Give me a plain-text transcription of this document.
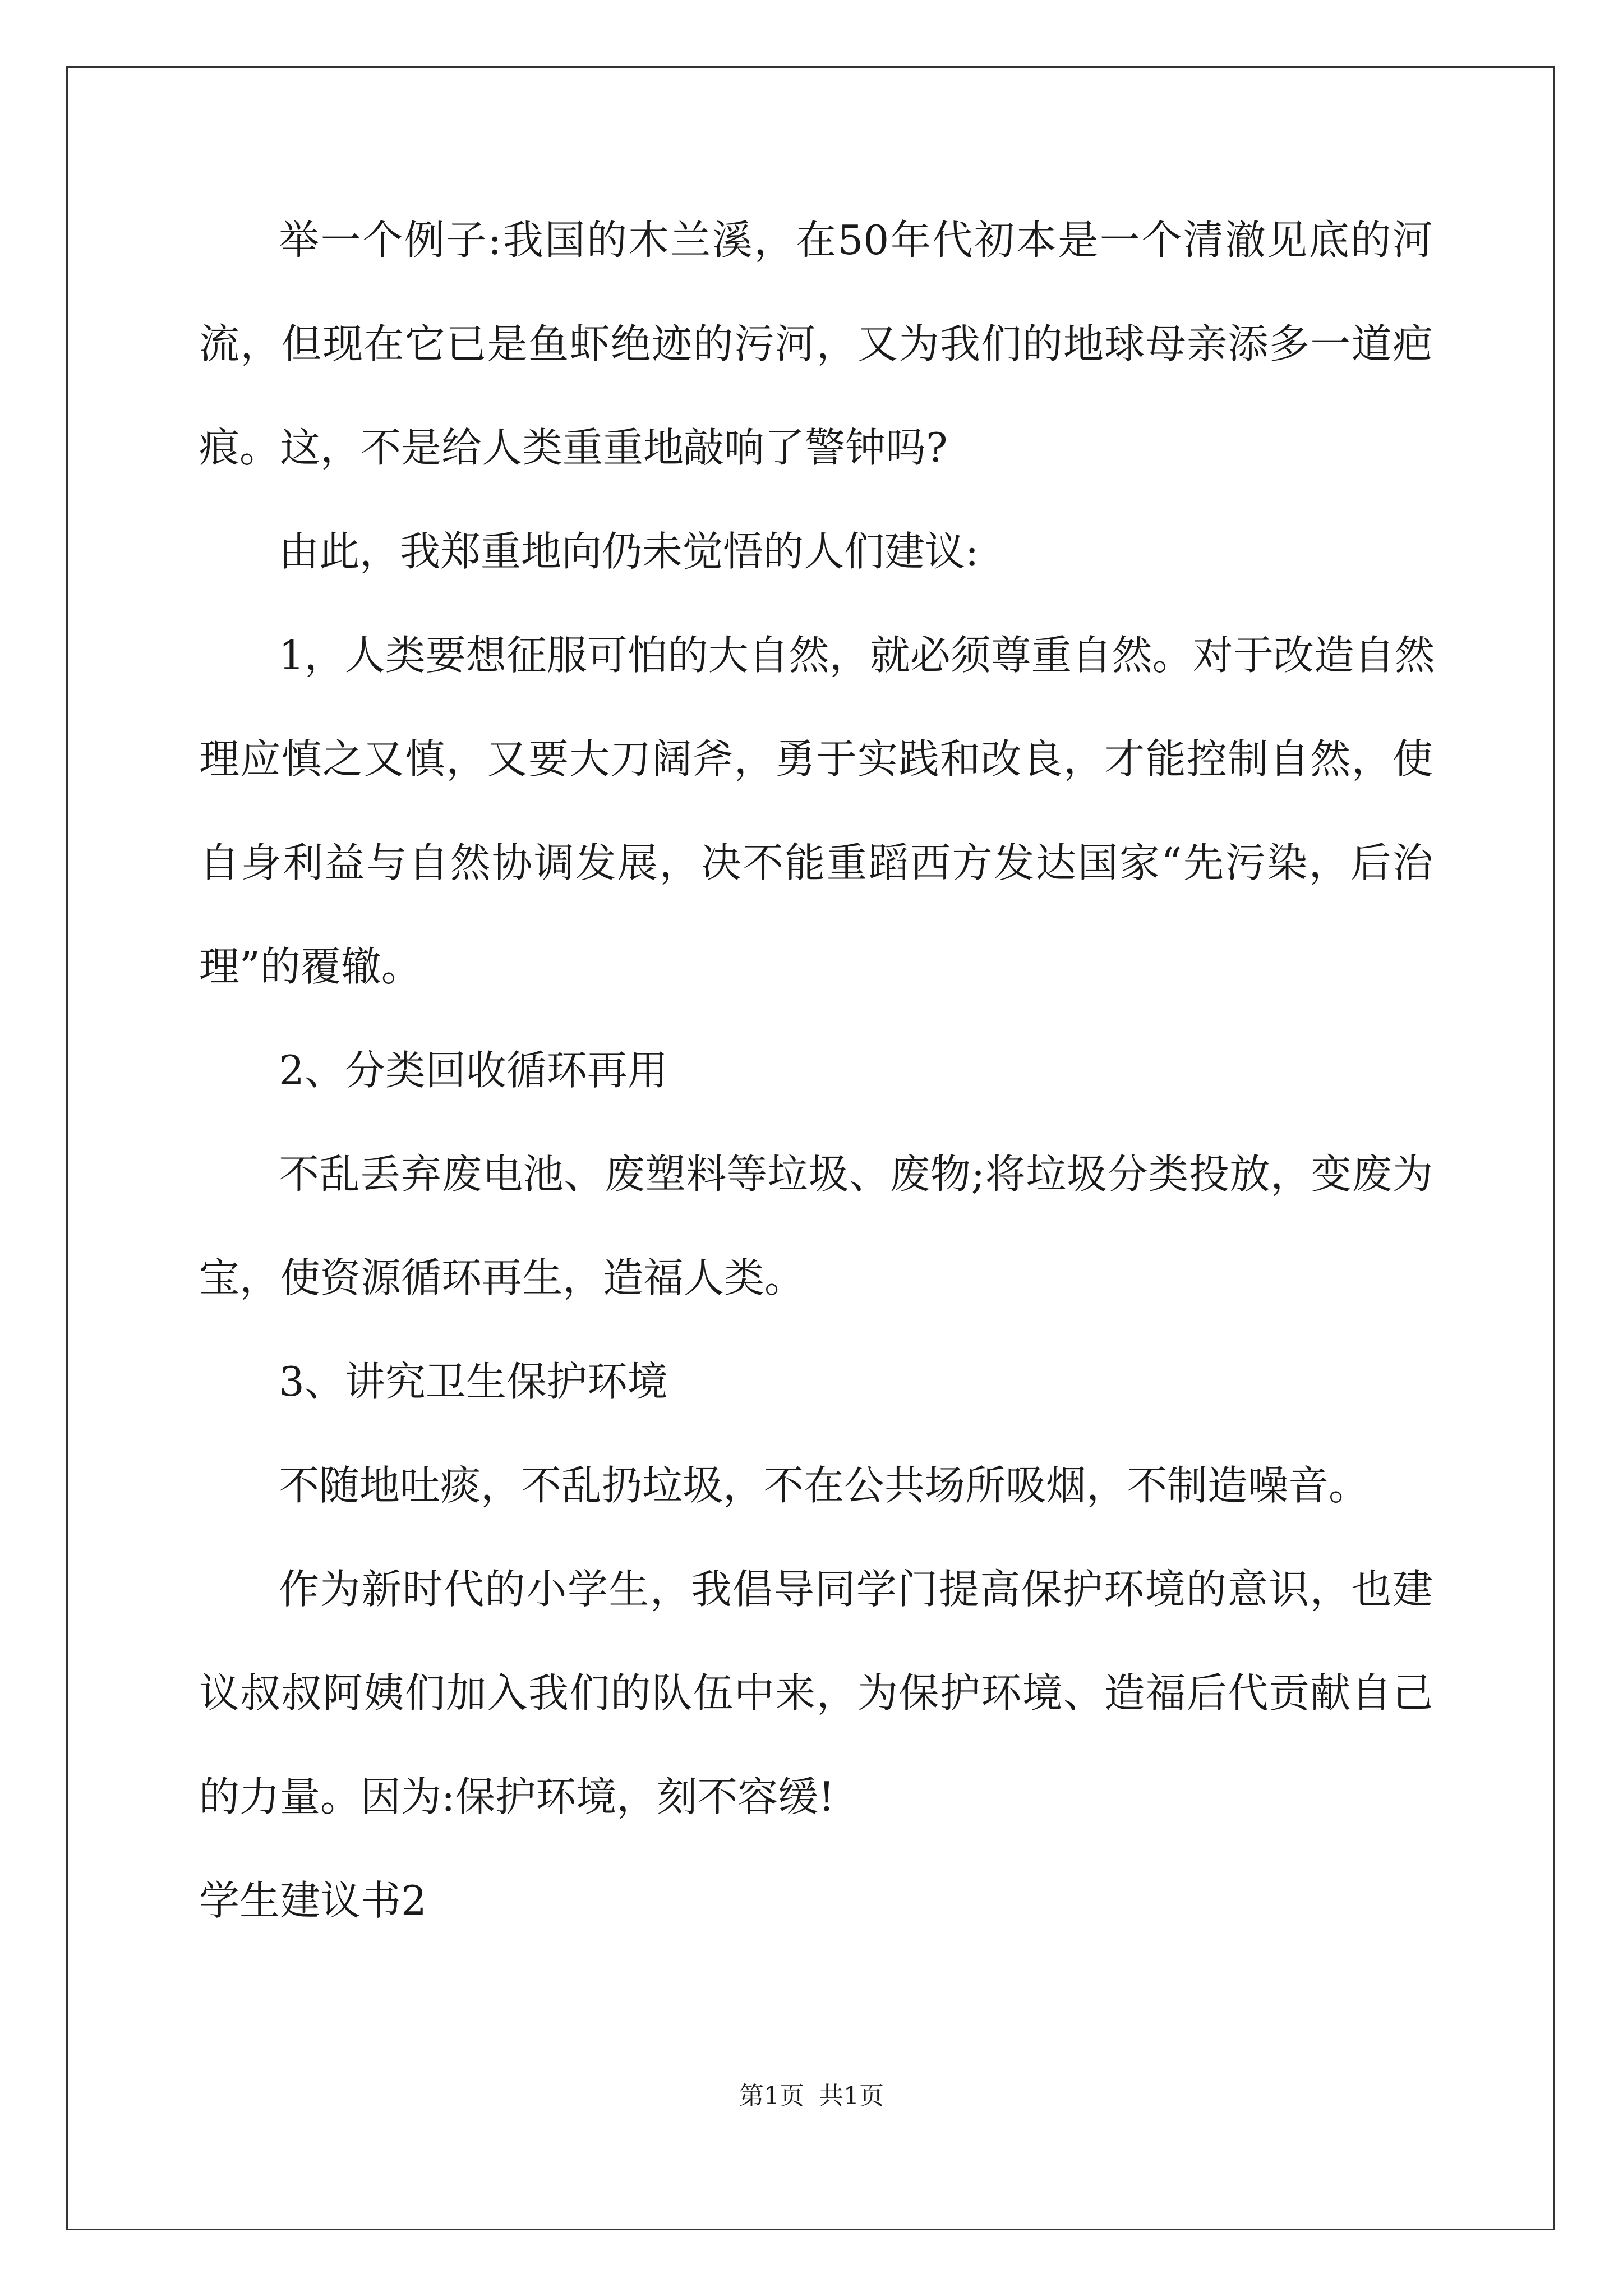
举一个例子:我国的木兰溪，在50年代初本是一个清澈见底的河
流，但现在它已是鱼虾绝迹的污河，又为我们的地球母亲添多一道疤
痕。这，不是给人类重重地敲响了警钟吗?
由此，我郑重地向仍未觉悟的人们建议:
1，人类要想征服可怕的大自然，就必须尊重自然。对于改造自然
理应慎之又慎，又要大刀阔斧，勇于实践和改良，才能控制自然，使
自身利益与自然协调发展，决不能重蹈西方发达国家“先污染，后治
理”的覆辙。
2、分类回收循环再用
不乱丢弃废电池、废塑料等垃圾、废物;将垃圾分类投放，变废为
宝，使资源循环再生，造福人类。
3、讲究卫生保护环境
不随地吐痰，不乱扔垃圾，不在公共场所吸烟，不制造噪音。
作为新时代的小学生，我倡导同学门提高保护环境的意识，也建
议叔叔阿姨们加入我们的队伍中来，为保护环境、造福后代贡献自己
的力量。因为:保护环境，刻不容缓!
学生建议书2
第1页 共1页
